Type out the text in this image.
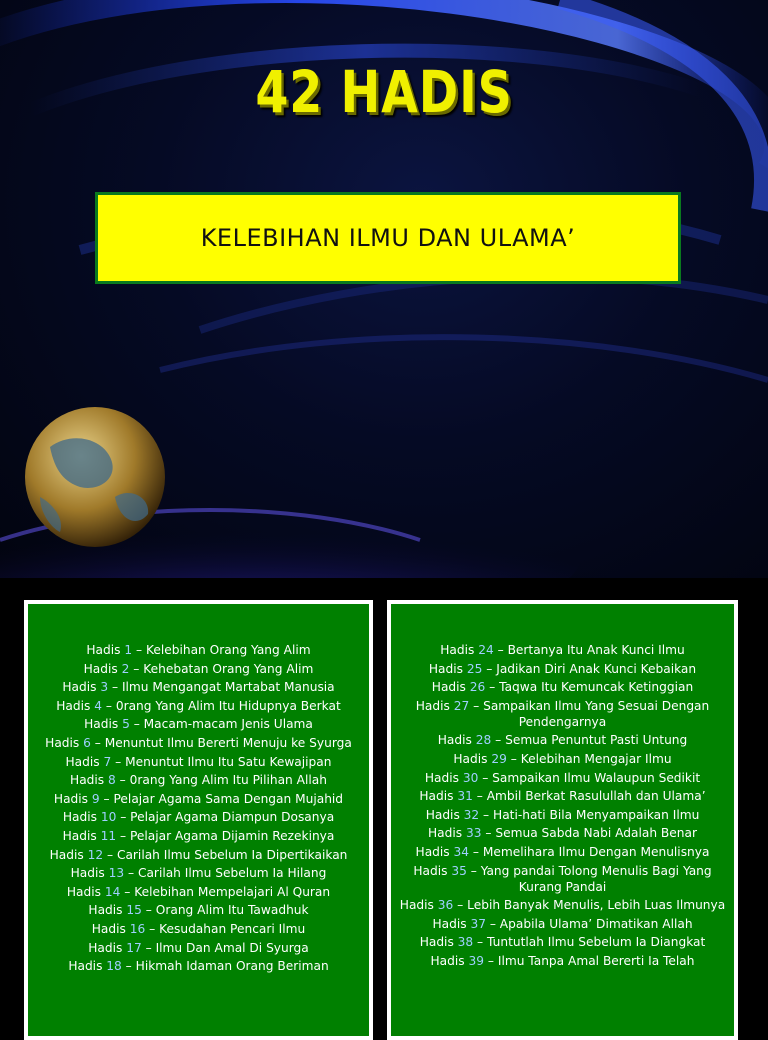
42 HADIS
KELEBIHAN ILMU DAN ULAMA’
Hadis 1 – Kelebihan Orang Yang Alim
Hadis 2 – Kehebatan Orang Yang Alim
Hadis 3 – Ilmu Mengangat Martabat Manusia
Hadis 4 – 0rang Yang Alim Itu Hidupnya Berkat
Hadis 5 – Macam-macam Jenis Ulama
Hadis 6 – Menuntut Ilmu Bererti Menuju ke Syurga
Hadis 7 – Menuntut Ilmu Itu Satu Kewajipan
Hadis 8 – 0rang Yang Alim Itu Pilihan Allah
Hadis 9 – Pelajar Agama Sama Dengan Mujahid
Hadis 10 – Pelajar Agama Diampun Dosanya
Hadis 11 – Pelajar Agama Dijamin Rezekinya
Hadis 12 – Carilah Ilmu Sebelum Ia Dipertikaikan
Hadis 13 – Carilah Ilmu Sebelum Ia Hilang
Hadis 14 – Kelebihan Mempelajari Al Quran
Hadis 15 – Orang Alim Itu Tawadhuk
Hadis 16 – Kesudahan Pencari Ilmu
Hadis 17 – Ilmu Dan Amal Di Syurga
Hadis 18 – Hikmah Idaman Orang Beriman
Hadis 24 – Bertanya Itu Anak Kunci Ilmu
Hadis 25 – Jadikan Diri Anak Kunci Kebaikan
Hadis 26 – Taqwa Itu Kemuncak Ketinggian
Hadis 27 – Sampaikan Ilmu Yang Sesuai Dengan Pendengarnya
Hadis 28 – Semua Penuntut Pasti Untung
Hadis 29 – Kelebihan Mengajar Ilmu
Hadis 30 – Sampaikan Ilmu Walaupun Sedikit
Hadis 31 – Ambil Berkat Rasulullah dan Ulama’
Hadis 32 – Hati-hati Bila Menyampaikan Ilmu
Hadis 33 – Semua Sabda Nabi Adalah Benar
Hadis 34 – Memelihara Ilmu Dengan Menulisnya
Hadis 35 – Yang pandai Tolong Menulis Bagi Yang Kurang Pandai
Hadis 36 – Lebih Banyak Menulis, Lebih Luas Ilmunya
Hadis 37 – Apabila Ulama’ Dimatikan Allah
Hadis 38 – Tuntutlah Ilmu Sebelum Ia Diangkat
Hadis 39 – Ilmu Tanpa Amal Bererti Ia Telah
